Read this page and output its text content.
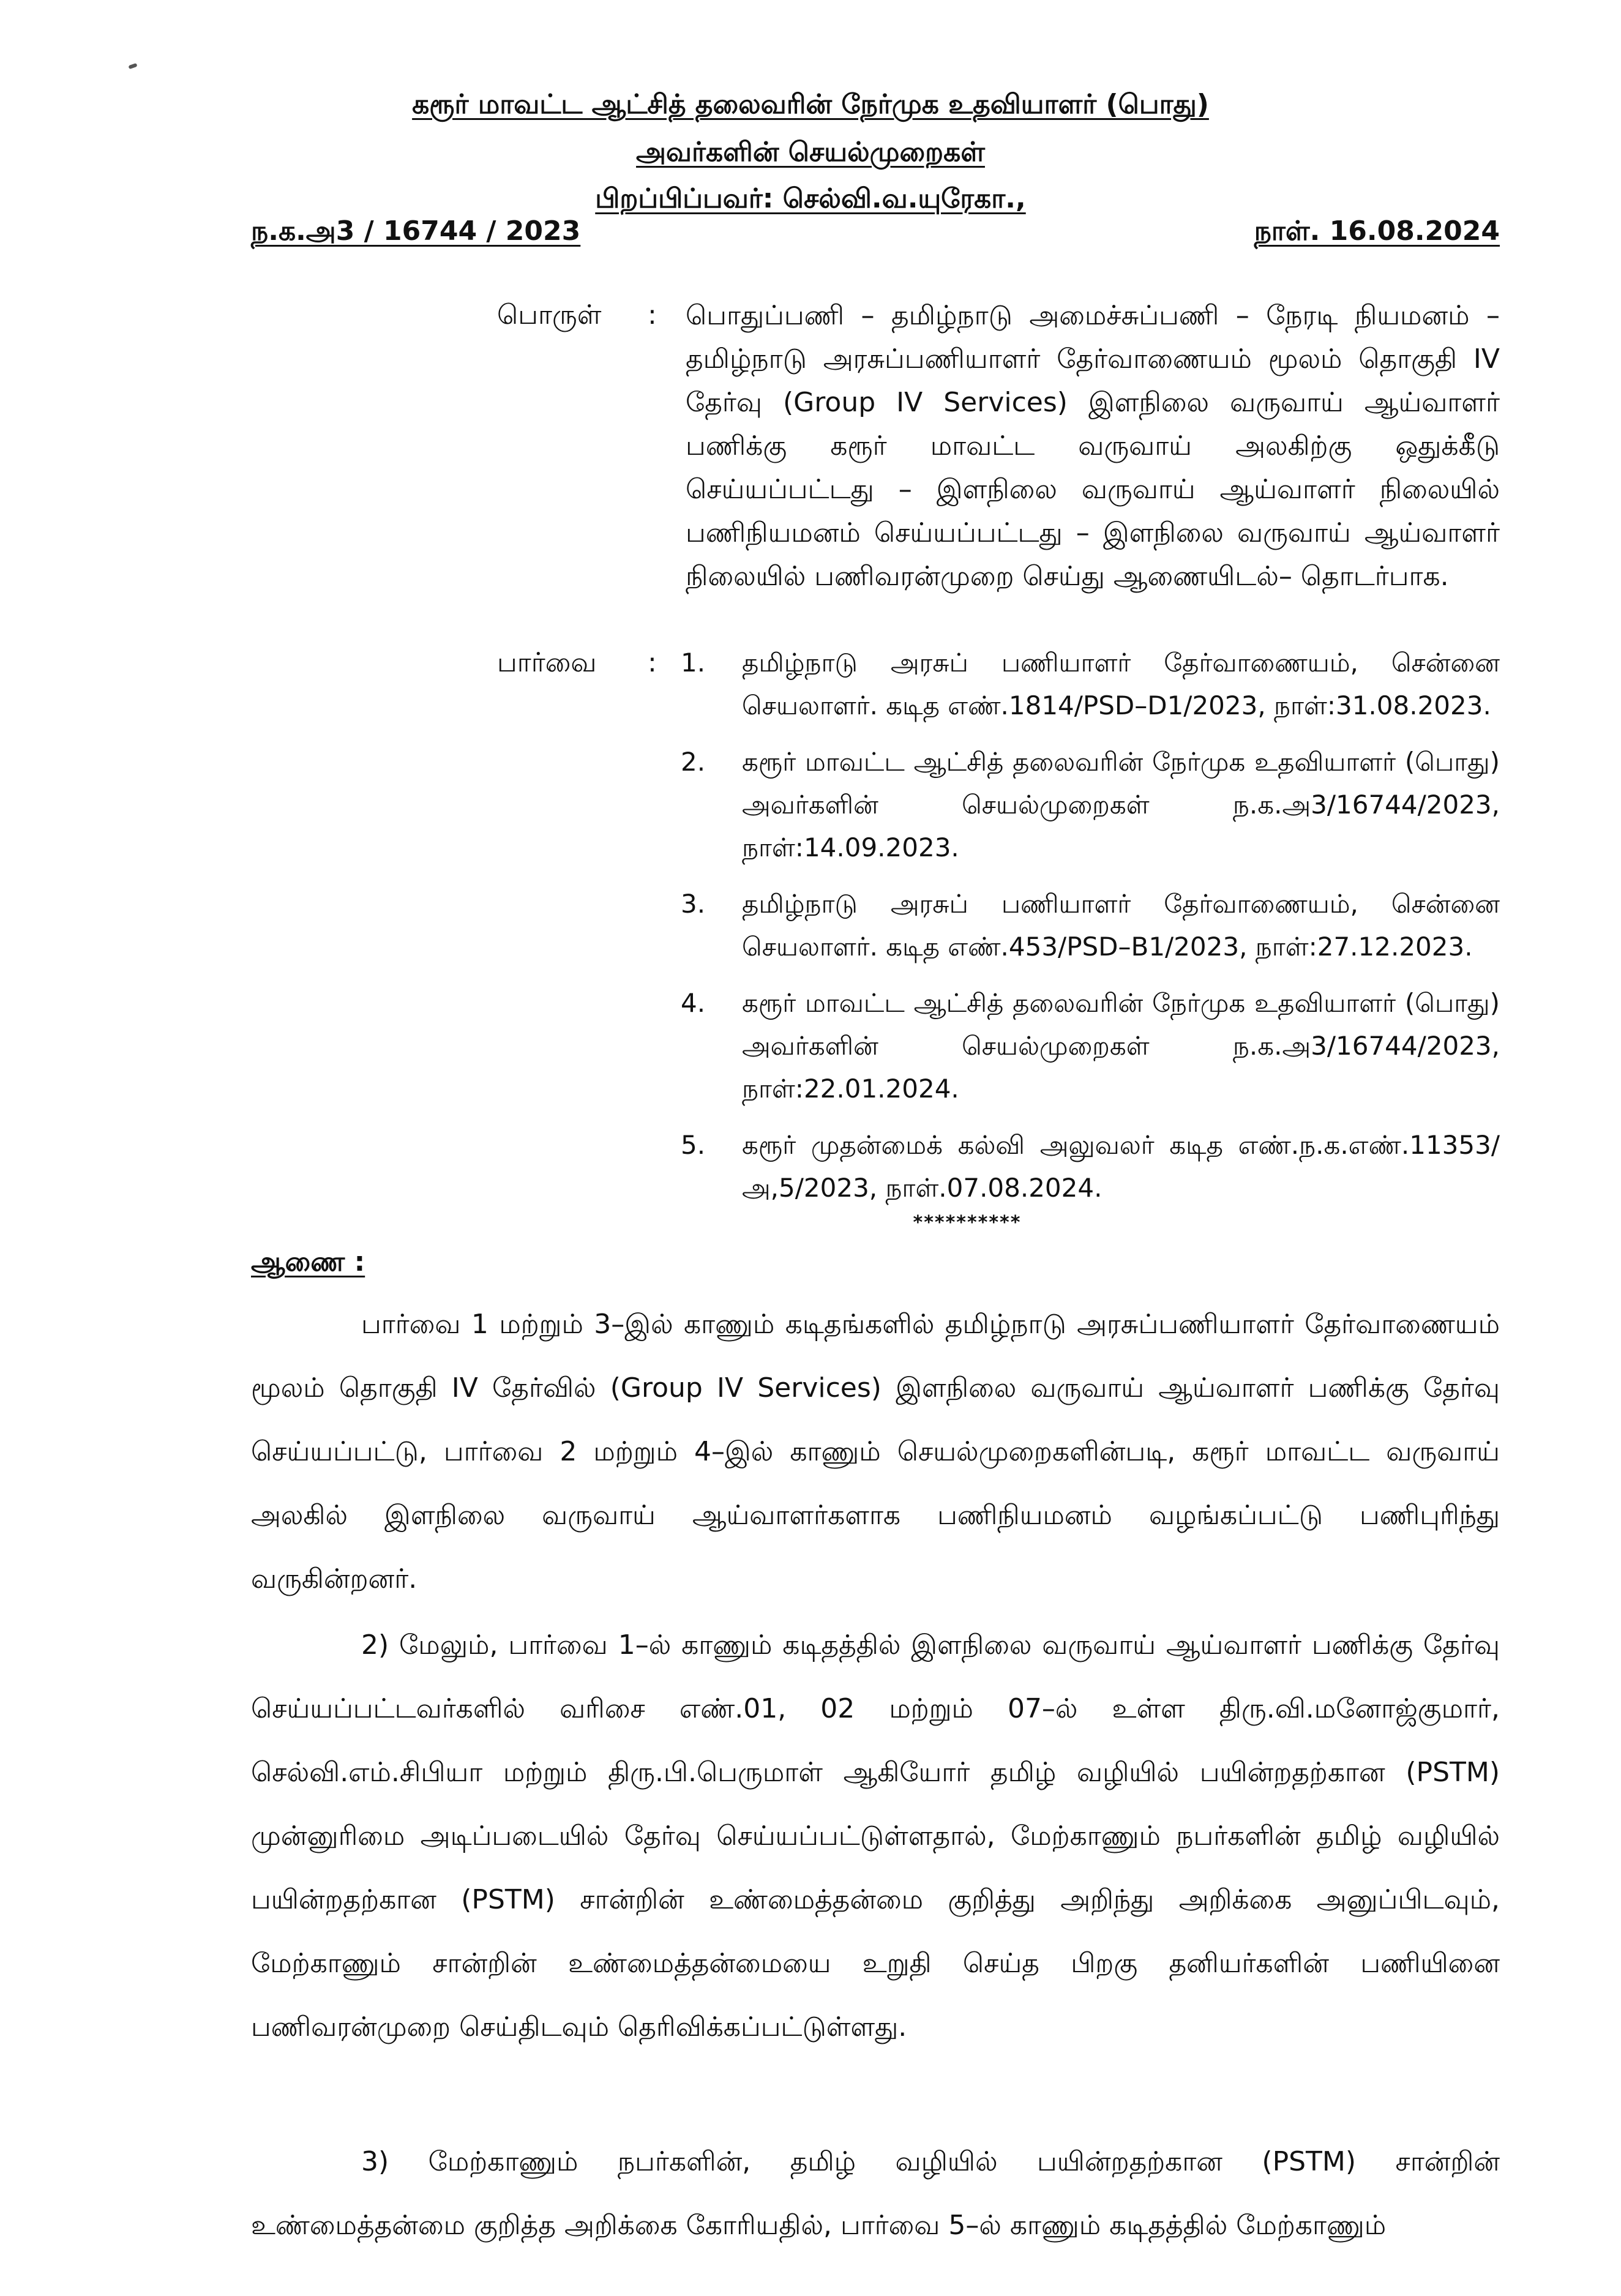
கரூர் மாவட்ட ஆட்சித் தலைவரின் நேர்முக உதவியாளர் (பொது)
அவர்களின் செயல்முறைகள்
பிறப்பிப்பவர்: செல்வி.வ.யுரேகா.,
ந.க.அ3 / 16744 / 2023	நாள். 16.08.2024
பொருள் : பொதுப்பணி – தமிழ்நாடு அமைச்சுப்பணி – நேரடி நியமனம் – தமிழ்நாடு அரசுப்பணியாளர் தேர்வாணையம் மூலம் தொகுதி IV தேர்வு (Group IV Services) இளநிலை வருவாய் ஆய்வாளர் பணிக்கு கரூர் மாவட்ட வருவாய் அலகிற்கு ஒதுக்கீடு செய்யப்பட்டது – இளநிலை வருவாய் ஆய்வாளர் நிலையில் பணிநியமனம் செய்யப்பட்டது – இளநிலை வருவாய் ஆய்வாளர் நிலையில் பணிவரன்முறை செய்து ஆணையிடல்– தொடர்பாக.
பார்வை : 1. தமிழ்நாடு அரசுப் பணியாளர் தேர்வாணையம், சென்னை செயலாளர். கடித எண்.1814/PSD–D1/2023, நாள்:31.08.2023.
2. கரூர் மாவட்ட ஆட்சித் தலைவரின் நேர்முக உதவியாளர் (பொது) அவர்களின் செயல்முறைகள் ந.க.அ3/16744/2023, நாள்:14.09.2023.
3. தமிழ்நாடு அரசுப் பணியாளர் தேர்வாணையம், சென்னை செயலாளர். கடித எண்.453/PSD–B1/2023, நாள்:27.12.2023.
4. கரூர் மாவட்ட ஆட்சித் தலைவரின் நேர்முக உதவியாளர் (பொது) அவர்களின் செயல்முறைகள் ந.க.அ3/16744/2023, நாள்:22.01.2024.
5. கரூர் முதன்மைக் கல்வி அலுவலர் கடித எண்.ந.க.எண்.11353/அ,5/2023, நாள்.07.08.2024.
**********
ஆணை :

பார்வை 1 மற்றும் 3–இல் காணும் கடிதங்களில் தமிழ்நாடு அரசுப்பணியாளர் தேர்வாணையம் மூலம் தொகுதி IV தேர்வில் (Group IV Services) இளநிலை வருவாய் ஆய்வாளர் பணிக்கு தேர்வு செய்யப்பட்டு, பார்வை 2 மற்றும் 4–இல் காணும் செயல்முறைகளின்படி, கரூர் மாவட்ட வருவாய் அலகில் இளநிலை வருவாய் ஆய்வாளர்களாக பணிநியமனம் வழங்கப்பட்டு பணிபுரிந்து வருகின்றனர்.

2) மேலும், பார்வை 1–ல் காணும் கடிதத்தில் இளநிலை வருவாய் ஆய்வாளர் பணிக்கு தேர்வு செய்யப்பட்டவர்களில் வரிசை எண்.01, 02 மற்றும் 07–ல் உள்ள திரு.வி.மனோஜ்குமார், செல்வி.எம்.சிபியா மற்றும் திரு.பி.பெருமாள் ஆகியோர் தமிழ் வழியில் பயின்றதற்கான (PSTM) முன்னுரிமை அடிப்படையில் தேர்வு செய்யப்பட்டுள்ளதால், மேற்காணும் நபர்களின் தமிழ் வழியில் பயின்றதற்கான (PSTM) சான்றின் உண்மைத்தன்மை குறித்து அறிந்து அறிக்கை அனுப்பிடவும், மேற்காணும் சான்றின் உண்மைத்தன்மையை உறுதி செய்த பிறகு தனியர்களின் பணியினை பணிவரன்முறை செய்திடவும் தெரிவிக்கப்பட்டுள்ளது.

3) மேற்காணும் நபர்களின், தமிழ் வழியில் பயின்றதற்கான (PSTM) சான்றின் உண்மைத்தன்மை குறித்த அறிக்கை கோரியதில், பார்வை 5–ல் காணும் கடிதத்தில் மேற்காணும்
